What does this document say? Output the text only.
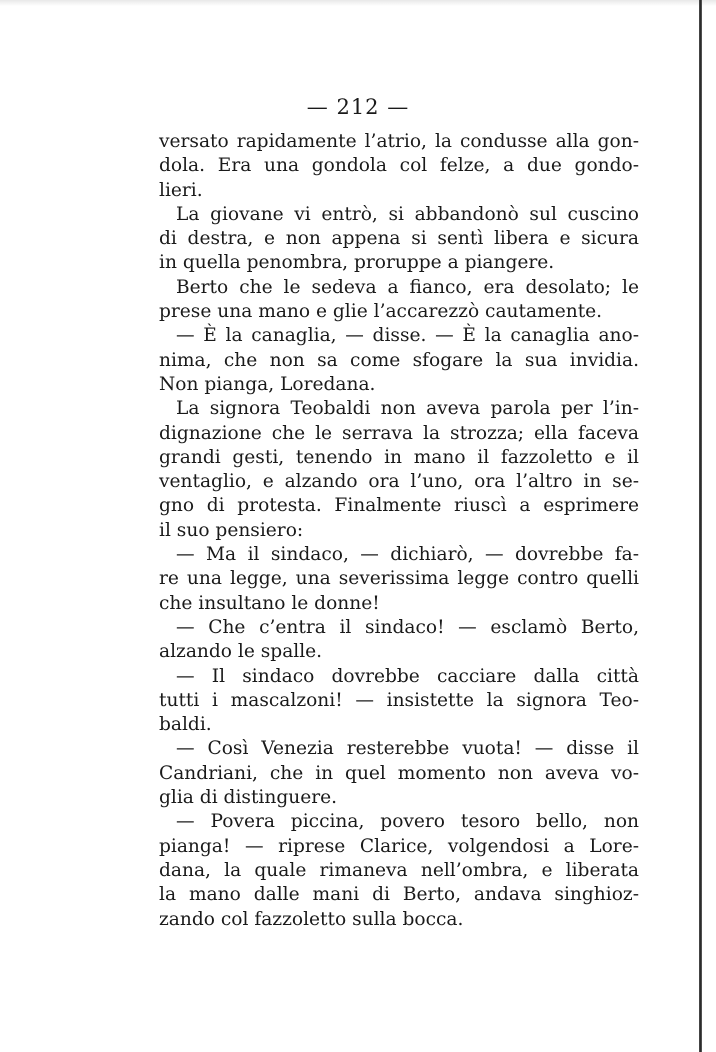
— 212 —
versato rapidamente l’atrio, la condusse alla gon-
dola. Era una gondola col felze, a due gondo-
lieri.
La giovane vi entrò, si abbandonò sul cuscino
di destra, e non appena si sentì libera e sicura
in quella penombra, proruppe a piangere.
Berto che le sedeva a fianco, era desolato; le
prese una mano e glie l’accarezzò cautamente.
— È la canaglia, — disse. — È la canaglia ano-
nima, che non sa come sfogare la sua invidia.
Non pianga, Loredana.
La signora Teobaldi non aveva parola per l’in-
dignazione che le serrava la strozza; ella faceva
grandi gesti, tenendo in mano il fazzoletto e il
ventaglio, e alzando ora l’uno, ora l’altro in se-
gno di protesta. Finalmente riuscì a esprimere
il suo pensiero:
— Ma il sindaco, — dichiarò, — dovrebbe fa-
re una legge, una severissima legge contro quelli
che insultano le donne!
— Che c’entra il sindaco! — esclamò Berto,
alzando le spalle.
— Il sindaco dovrebbe cacciare dalla città
tutti i mascalzoni! — insistette la signora Teo-
baldi.
— Così Venezia resterebbe vuota! — disse il
Candriani, che in quel momento non aveva vo-
glia di distinguere.
— Povera piccina, povero tesoro bello, non
pianga! — riprese Clarice, volgendosi a Lore-
dana, la quale rimaneva nell’ombra, e liberata
la mano dalle mani di Berto, andava singhioz-
zando col fazzoletto sulla bocca.
